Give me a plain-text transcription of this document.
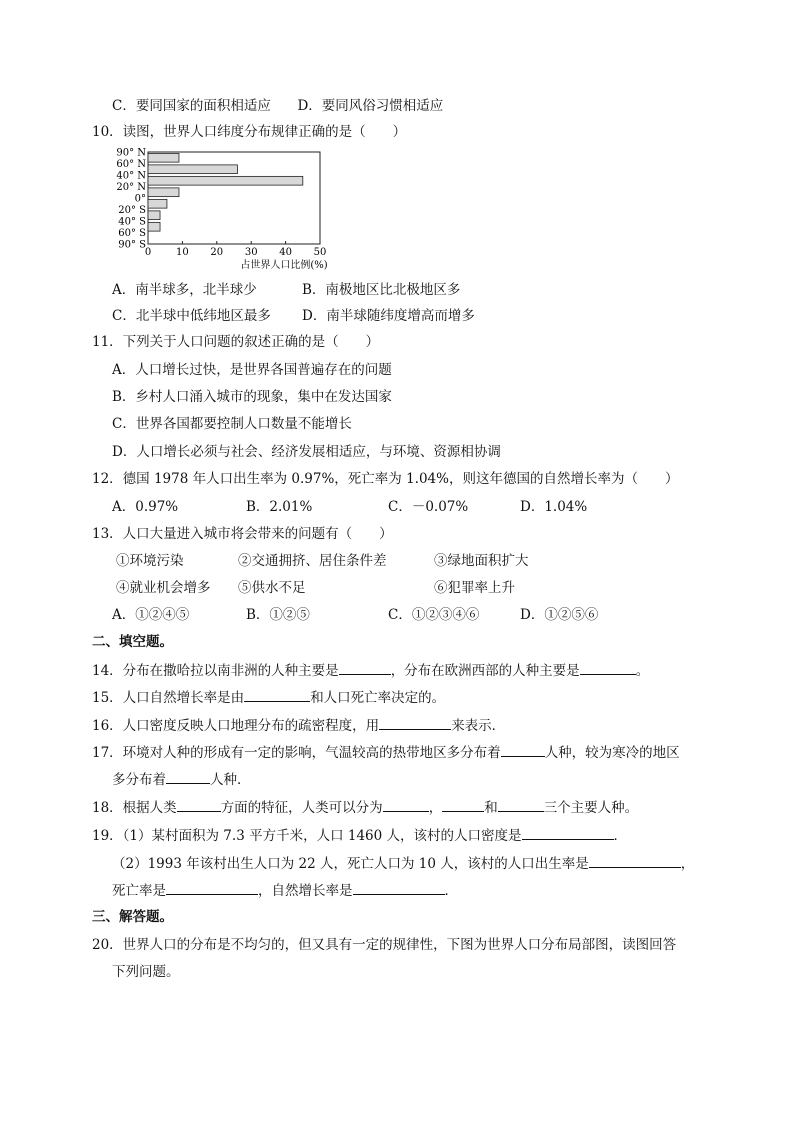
C．要同国家的面积相适应 D．要同风俗习惯相适应
10．读图，世界人口纬度分布规律正确的是（　　）
90° N
60° N
40° N
20° N
0°
20° S
40° S
60° S
90° S
0 10 20 30 40 50
占世界人口比例(%)
A．南半球多，北半球少	B．南极地区比北极地区多
C．北半球中低纬地区最多 D．南半球随纬度增高而增多
11．下列关于人口问题的叙述正确的是（　　）
A．人口增长过快，是世界各国普遍存在的问题
B．乡村人口涌入城市的现象，集中在发达国家
C．世界各国都要控制人口数量不能增长
D．人口增长必须与社会、经济发展相适应，与环境、资源相协调
12．德国 1978 年人口出生率为 0.97%，死亡率为 1.04%，则这年德国的自然增长率为（　　）
A．0.97%	B．2.01%	C．－0.07%	D．1.04%
13．人口大量进入城市将会带来的问题有（　　）
①环境污染	②交通拥挤、居住条件差	③绿地面积扩大
④就业机会增多 ⑤供水不足	⑥犯罪率上升
A．①②④⑤	B．①②⑤	C．①②③④⑥	D．①②⑤⑥
二、填空题。
14．分布在撒哈拉以南非洲的人种主要是	，分布在欧洲西部的人种主要是	。
15．人口自然增长率是由	和人口死亡率决定的。
16．人口密度反映人口地理分布的疏密程度，用	来表示．
17．环境对人种的形成有一定的影响，气温较高的热带地区多分布着	人种，较为寒冷的地区
多分布着	人种．
18．根据人类	方面的特征，人类可以分为	，	和	三个主要人种。
19．（1）某村面积为 7.3 平方千米，人口 1460 人，该村的人口密度是	．
（2）1993 年该村出生人口为 22 人，死亡人口为 10 人，该村的人口出生率是	，
死亡率是	，自然增长率是	．
三、解答题。
20．世界人口的分布是不均匀的，但又具有一定的规律性，下图为世界人口分布局部图，读图回答
下列问题。
